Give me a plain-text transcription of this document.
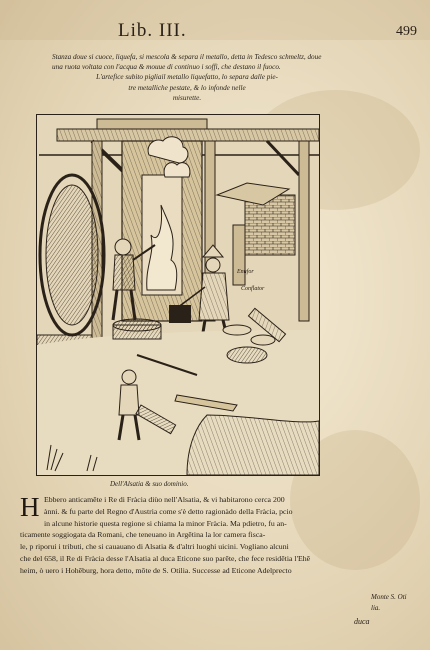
Lib. III.	499
Stanza doue si cuoce, liquefa, si mescola & separa il metallo, detta in Tedesco schmeltz, doue
una ruota voltata con l'acqua & mouue di continuo i soffi, che destano il fuoco.
L'artefice subito pigliail metallo liquefatto, lo separa dalle pie-
tre metalliche pestate, & lo infonde nelle
misurette.
Enufor
Conflator
Dell'Alsatia & suo dominio.
H Ebbero anticamēte i Re di Fràcia diùo nell'Alsatia, & vi habitarono cerca 200
ànni. & fu parte del Regno d'Austria come s'è detto ragionàdo della Fràcia, pcio
in alcune historie questa regione si chiama la minor Fràcia. Ma pdietro, fu an-
ticamente soggiogata da Romani, che teneuano in Argētina la lor camera fisca-
le, p riporui i tributi, che si cauauano di Alsatia & d'altri luoghi uicini. Vogliano alcuni
che del 658, il Re di Fràcia desse l'Alsatia al duca Eticone suo parēte, che fece residētia l'Ehē
heim, ò uero i Hohēburg, hora detto, mōte de S. Otilia. Successe ad Eticone Adelprecto
Monte S. Oti
lia.
duca
